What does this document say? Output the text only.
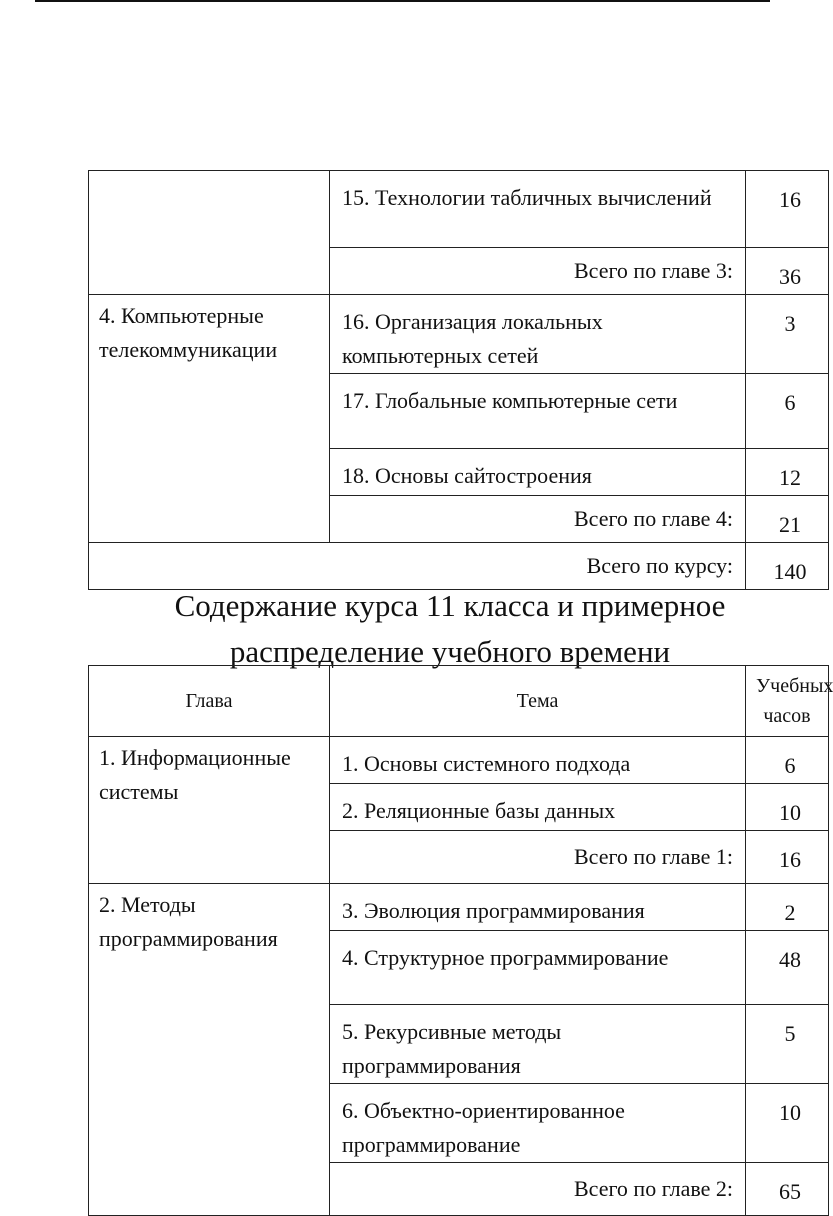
	15. Технологии табличных вычислений	16
	Всего по главе 3:	36
4. Компьютерные телекоммуникации	16. Организация локальных компьютерных сетей	3
	17. Глобальные компьютерные сети	6
	18. Основы сайтостроения	12
	Всего по главе 4:	21
Всего по курсу:		140
Содержание курса 11 класса и примерное распределение учебного времени
Глава	Тема	Учебных часов
1. Информационные системы	1. Основы системного подхода	6
	2. Реляционные базы данных	10
	Всего по главе 1:	16
2. Методы программирования	3. Эволюция программирования	2
	4. Структурное программирование	48
	5. Рекурсивные методы программирования	5
	6. Объектно-ориентированное программирование	10
	Всего по главе 2:	65
